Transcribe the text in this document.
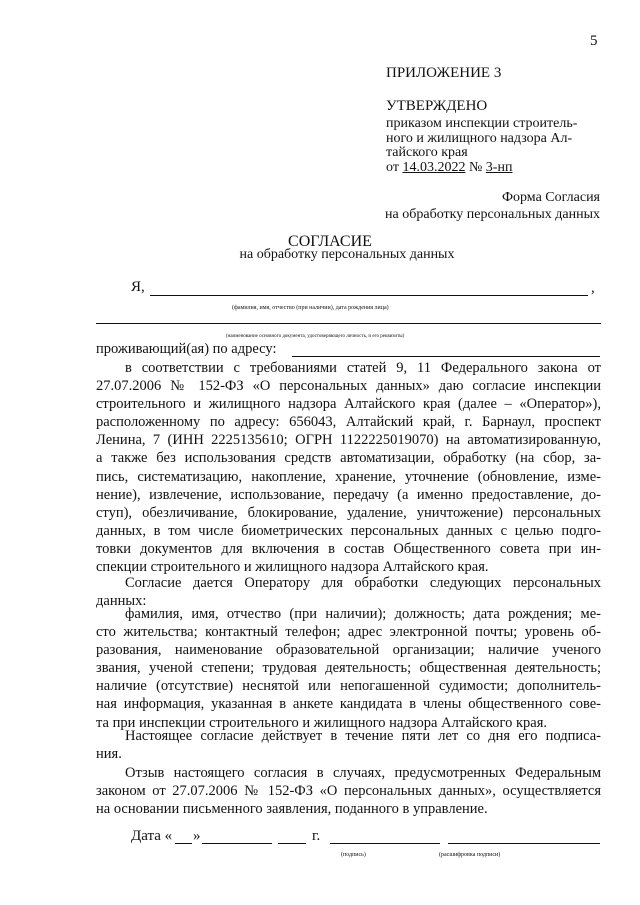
5
ПРИЛОЖЕНИЕ 3
УТВЕРЖДЕНО
приказом инспекции строитель-
ного и жилищного надзора Ал-
тайского края
от 14.03.2022 № 3-нп
Форма Согласия
на обработку персональных данных
СОГЛАСИЕ
на обработку персональных данных
Я,	,
(фамилия, имя, отчество (при наличии), дата рождения лица)
(наименование основного документа, удостоверяющего личность, и его реквизиты)
проживающий(ая) по адресу:
в соответствии с требованиями статей 9, 11 Федерального закона от
27.07.2006 № 152-ФЗ «О персональных данных» даю согласие инспекции
строительного и жилищного надзора Алтайского края (далее – «Оператор»),
расположенному по адресу: 656043, Алтайский край, г. Барнаул, проспект
Ленина, 7 (ИНН 2225135610; ОГРН 1122225019070) на автоматизированную,
а также без использования средств автоматизации, обработку (на сбор, за-
пись, систематизацию, накопление, хранение, уточнение (обновление, изме-
нение), извлечение, использование, передачу (а именно предоставление, до-
ступ), обезличивание, блокирование, удаление, уничтожение) персональных
данных, в том числе биометрических персональных данных с целью подго-
товки документов для включения в состав Общественного совета при ин-
спекции строительного и жилищного надзора Алтайского края.
Согласие дается Оператору для обработки следующих персональных
данных:
фамилия, имя, отчество (при наличии); должность; дата рождения; ме-
сто жительства; контактный телефон; адрес электронной почты; уровень об-
разования, наименование образовательной организации; наличие ученого
звания, ученой степени; трудовая деятельность; общественная деятельность;
наличие (отсутствие) неснятой или непогашенной судимости; дополнитель-
ная информация, указанная в анкете кандидата в члены общественного сове-
та при инспекции строительного и жилищного надзора Алтайского края.
Настоящее согласие действует в течение пяти лет со дня его подписа-
ния.
Отзыв настоящего согласия в случаях, предусмотренных Федеральным
законом от 27.07.2006 № 152-ФЗ «О персональных данных», осуществляется
на основании письменного заявления, поданного в управление.
Дата « »	г.
(подпись)	(расшифровка подписи)
